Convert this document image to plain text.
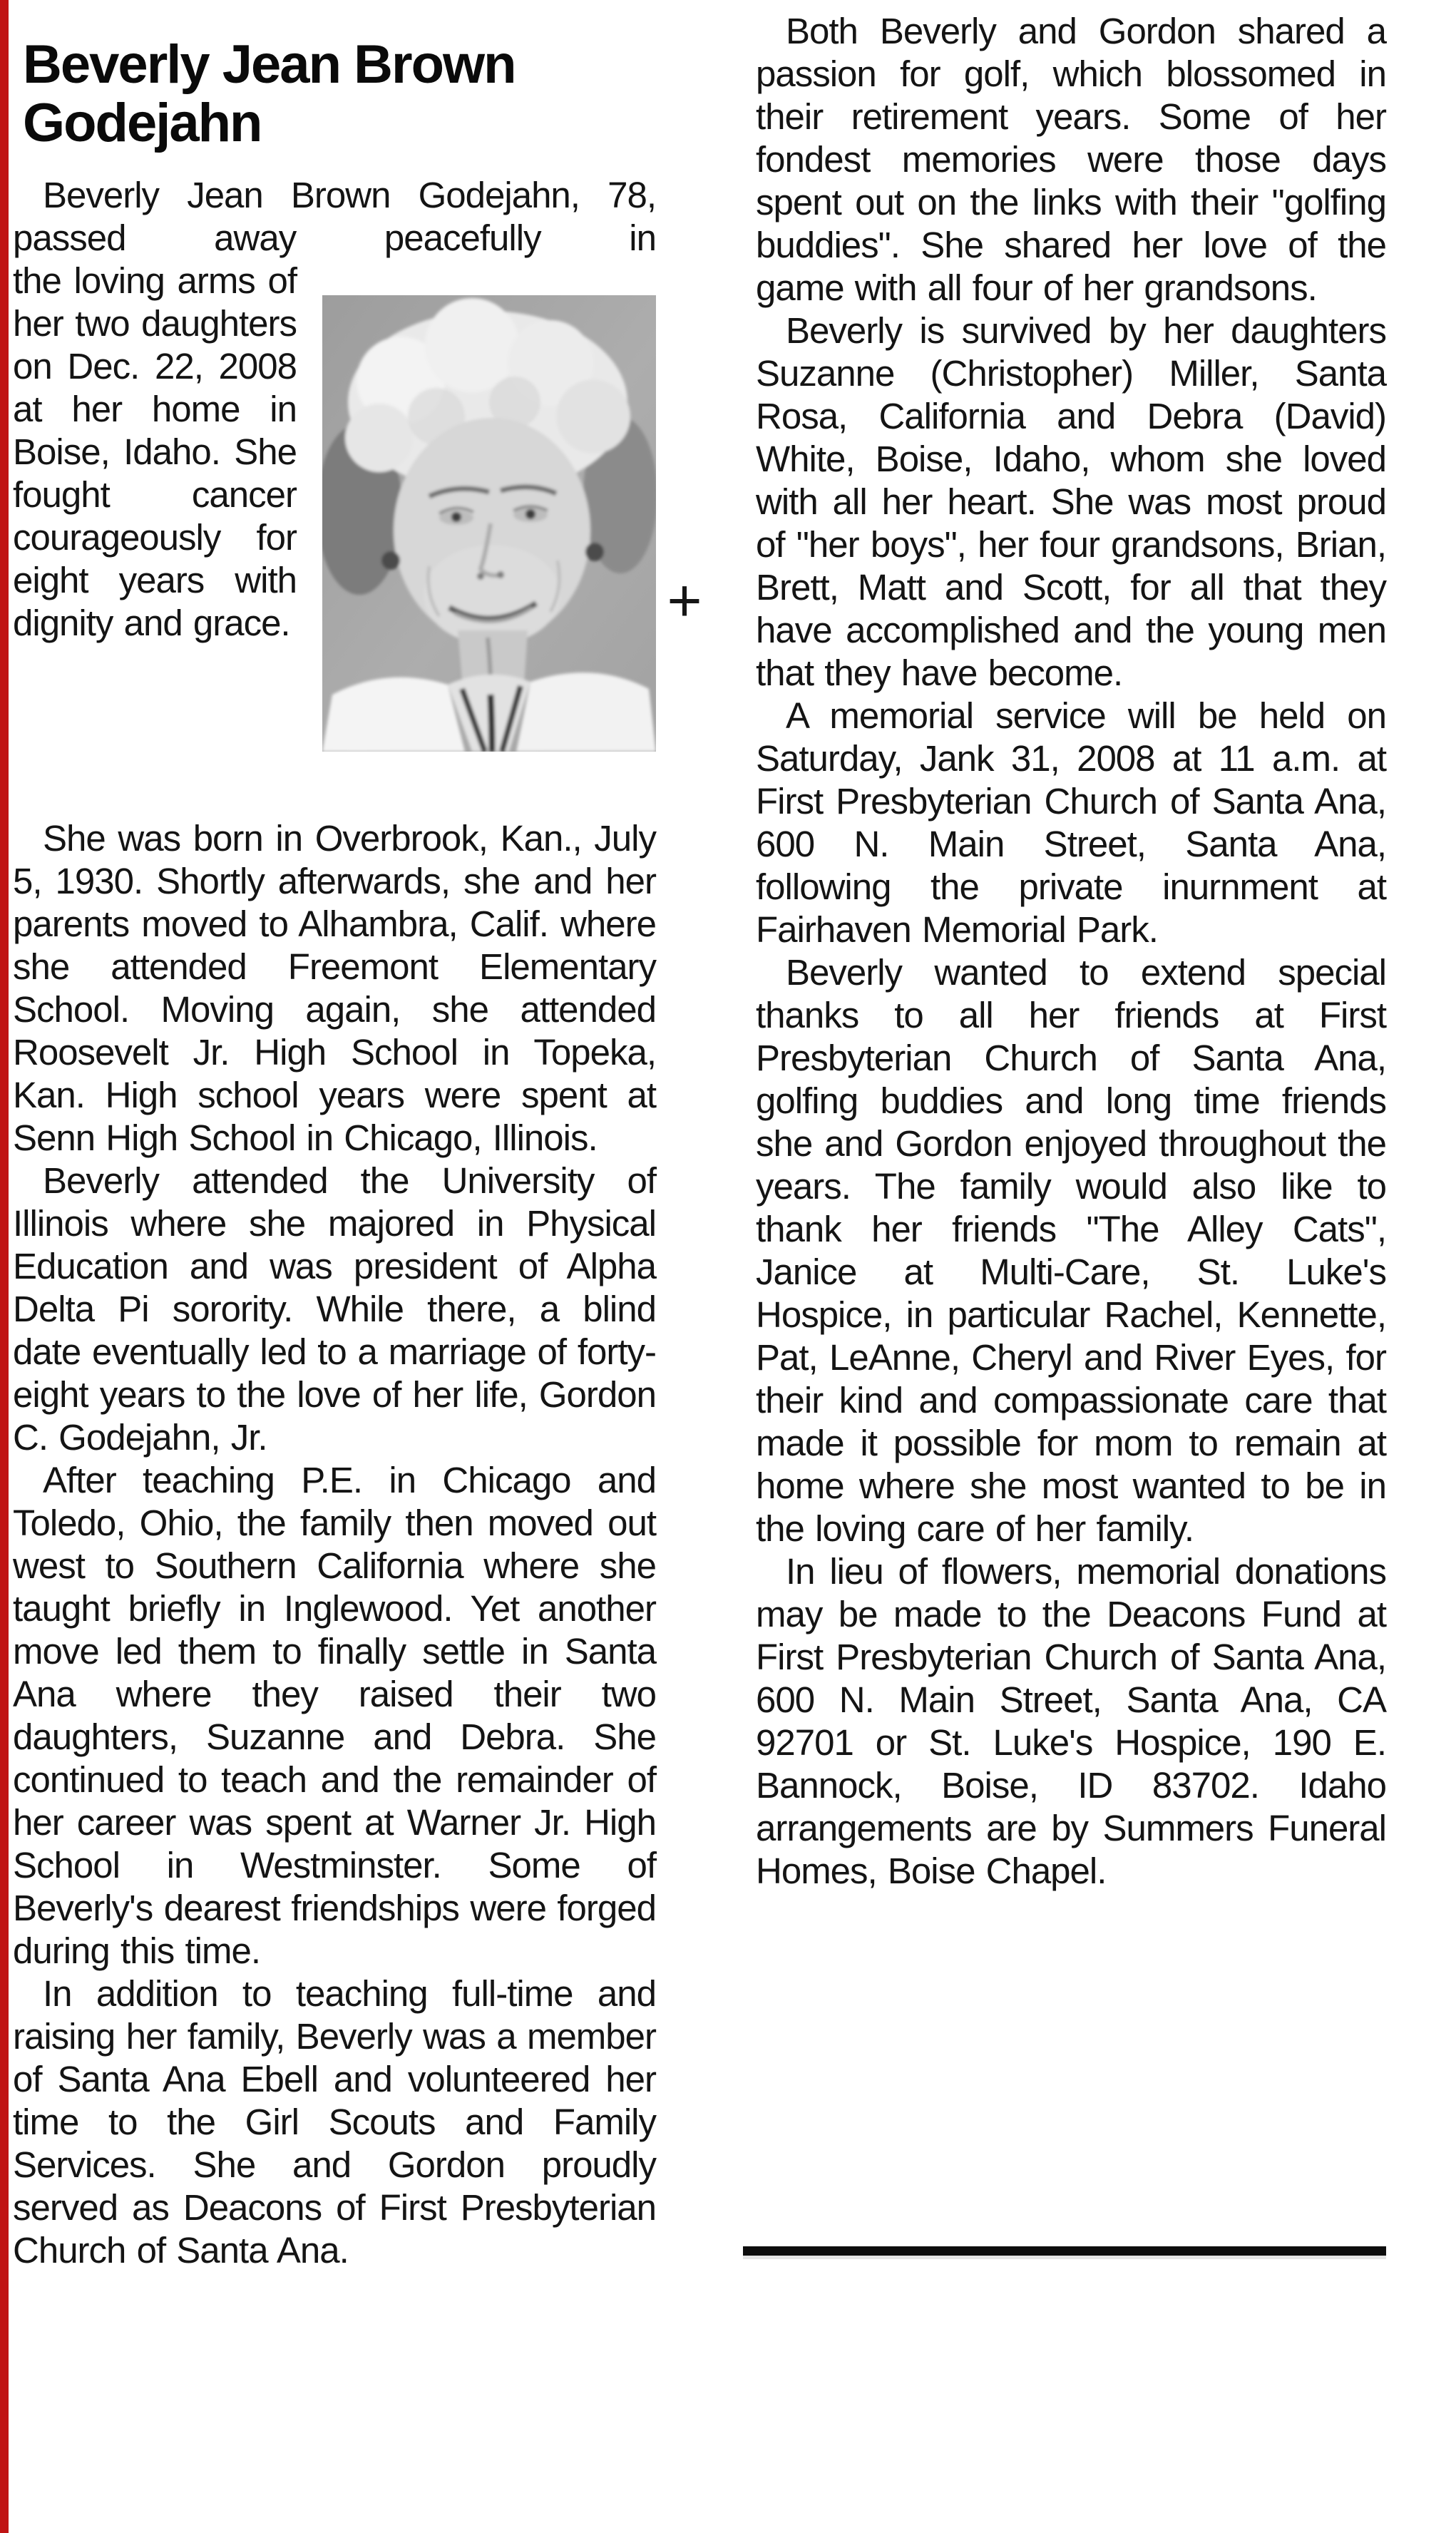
Beverly Jean Brown Godejahn

Beverly Jean Brown Godejahn, 78, passed away peacefully in

the loving arms of her two daughters on Dec. 22, 2008 at her home in Boise, Idaho. She fought cancer courageously for eight years with dignity and grace.

She was born in Overbrook, Kan., July 5, 1930. Shortly afterwards, she and her parents moved to Alhambra, Calif. where she attended Freemont Elementary School. Moving again, she attended Roosevelt Jr. High School in Topeka, Kan. High school years were spent at Senn High School in Chicago, Illinois.

Beverly attended the University of Illinois where she majored in Physical Education and was president of Alpha Delta Pi sorority. While there, a blind date eventually led to a marriage of forty-eight years to the love of her life, Gordon C. Godejahn, Jr.

After teaching P.E. in Chicago and Toledo, Ohio, the family then moved out west to Southern California where she taught briefly in Inglewood. Yet another move led them to finally settle in Santa Ana where they raised their two daughters, Suzanne and Debra. She continued to teach and the remainder of her career was spent at Warner Jr. High School in Westminster. Some of Beverly's dearest friendships were forged during this time.

In addition to teaching full-time and raising her family, Beverly was a member of Santa Ana Ebell and volunteered her time to the Girl Scouts and Family Services. She and Gordon proudly served as Deacons of First Presbyterian Church of Santa Ana.

+

Both Beverly and Gordon shared a passion for golf, which blossomed in their retirement years. Some of her fondest memories were those days spent out on the links with their "golfing buddies". She shared her love of the game with all four of her grandsons.

Beverly is survived by her daughters Suzanne (Christopher) Miller, Santa Rosa, California and Debra (David) White, Boise, Idaho, whom she loved with all her heart. She was most proud of "her boys", her four grandsons, Brian, Brett, Matt and Scott, for all that they have accomplished and the young men that they have become.

A memorial service will be held on Saturday, Jank 31, 2008 at 11 a.m. at First Presbyterian Church of Santa Ana, 600 N. Main Street, Santa Ana, following the private inurnment at Fairhaven Memorial Park.

Beverly wanted to extend special thanks to all her friends at First Presbyterian Church of Santa Ana, golfing buddies and long time friends she and Gordon enjoyed throughout the years. The family would also like to thank her friends "The Alley Cats", Janice at Multi-Care, St. Luke's Hospice, in particular Rachel, Kennette, Pat, LeAnne, Cheryl and River Eyes, for their kind and compassionate care that made it possible for mom to remain at home where she most wanted to be in the loving care of her family.

In lieu of flowers, memorial donations may be made to the Deacons Fund at First Presbyterian Church of Santa Ana, 600 N. Main Street, Santa Ana, CA 92701 or St. Luke's Hospice, 190 E. Bannock, Boise, ID 83702. Idaho arrangements are by Summers Funeral Homes, Boise Chapel.
